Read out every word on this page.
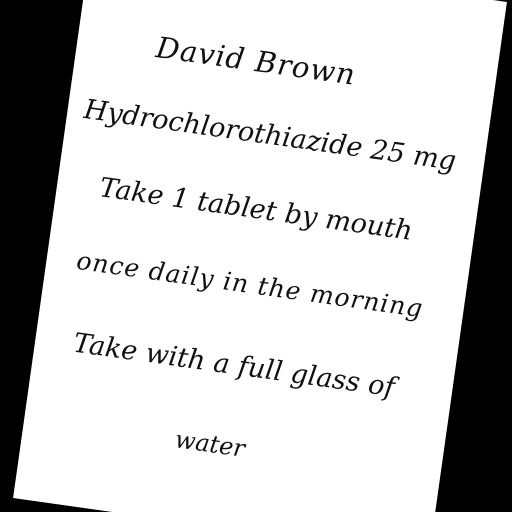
David Brown
Hydrochlorothiazide 25 mg
Take 1 tablet by mouth
once daily in the morning
Take with a full glass of
water
